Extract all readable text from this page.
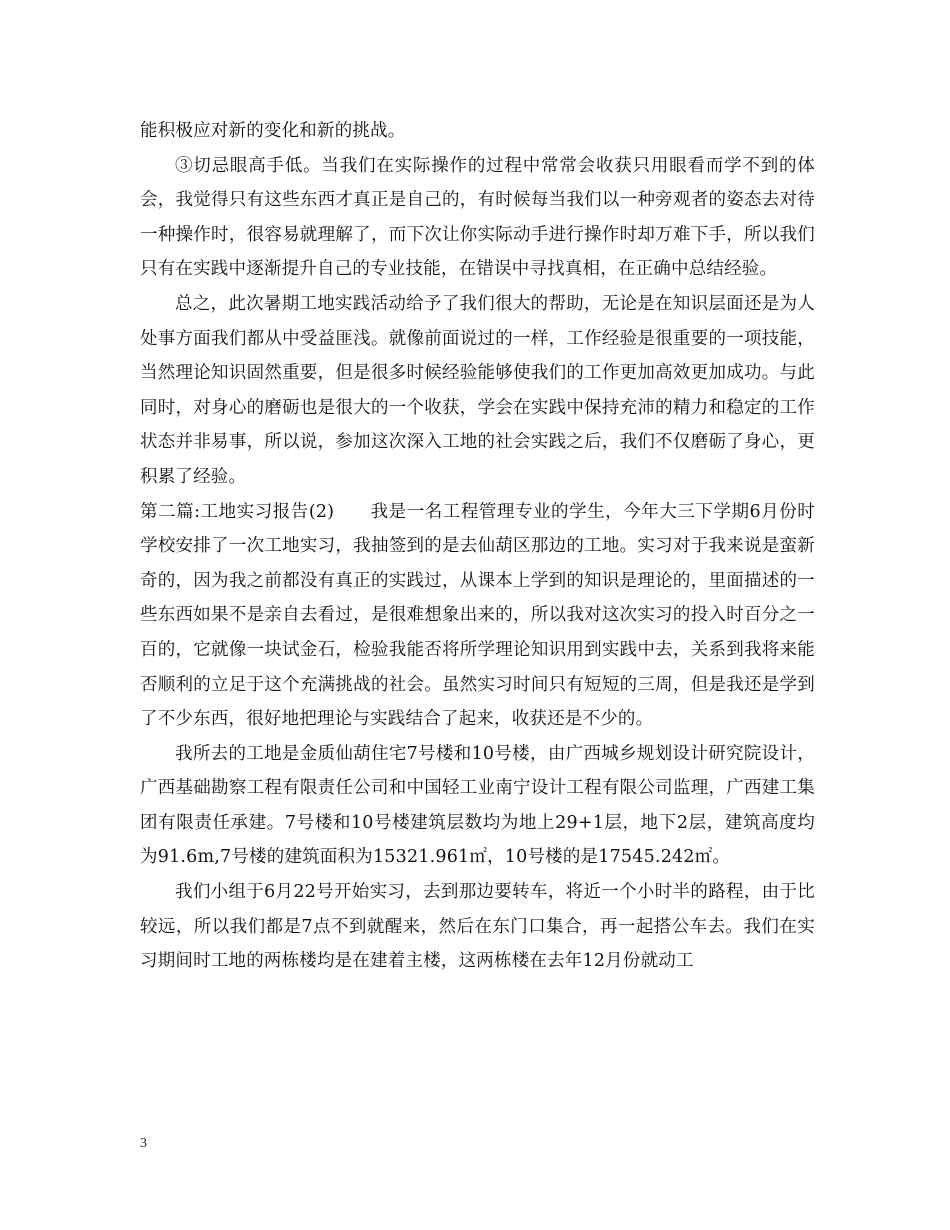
能积极应对新的变化和新的挑战。

③切忌眼高手低。当我们在实际操作的过程中常常会收获只用眼看而学不到的体会，我觉得只有这些东西才真正是自己的，有时候每当我们以一种旁观者的姿态去对待一种操作时，很容易就理解了，而下次让你实际动手进行操作时却万难下手，所以我们只有在实践中逐渐提升自己的专业技能，在错误中寻找真相，在正确中总结经验。

总之，此次暑期工地实践活动给予了我们很大的帮助，无论是在知识层面还是为人处事方面我们都从中受益匪浅。就像前面说过的一样，工作经验是很重要的一项技能，当然理论知识固然重要，但是很多时候经验能够使我们的工作更加高效更加成功。与此同时，对身心的磨砺也是很大的一个收获，学会在实践中保持充沛的精力和稳定的工作状态并非易事，所以说，参加这次深入工地的社会实践之后，我们不仅磨砺了身心，更积累了经验。

第二篇:工地实习报告(2)　　我是一名工程管理专业的学生，今年大三下学期6月份时学校安排了一次工地实习，我抽签到的是去仙葫区那边的工地。实习对于我来说是蛮新奇的，因为我之前都没有真正的实践过，从课本上学到的知识是理论的，里面描述的一些东西如果不是亲自去看过，是很难想象出来的，所以我对这次实习的投入时百分之一百的，它就像一块试金石，检验我能否将所学理论知识用到实践中去，关系到我将来能否顺利的立足于这个充满挑战的社会。虽然实习时间只有短短的三周，但是我还是学到了不少东西，很好地把理论与实践结合了起来，收获还是不少的。

我所去的工地是金质仙葫住宅7号楼和10号楼，由广西城乡规划设计研究院设计，广西基础勘察工程有限责任公司和中国轻工业南宁设计工程有限公司监理，广西建工集团有限责任承建。7号楼和10号楼建筑层数均为地上29+1层，地下2层，建筑高度均为91.6m,7号楼的建筑面积为15321.961㎡，10号楼的是17545.242㎡。

我们小组于6月22号开始实习，去到那边要转车，将近一个小时半的路程，由于比较远，所以我们都是7点不到就醒来，然后在东门口集合，再一起搭公车去。我们在实习期间时工地的两栋楼均是在建着主楼，这两栋楼在去年12月份就动工

3
